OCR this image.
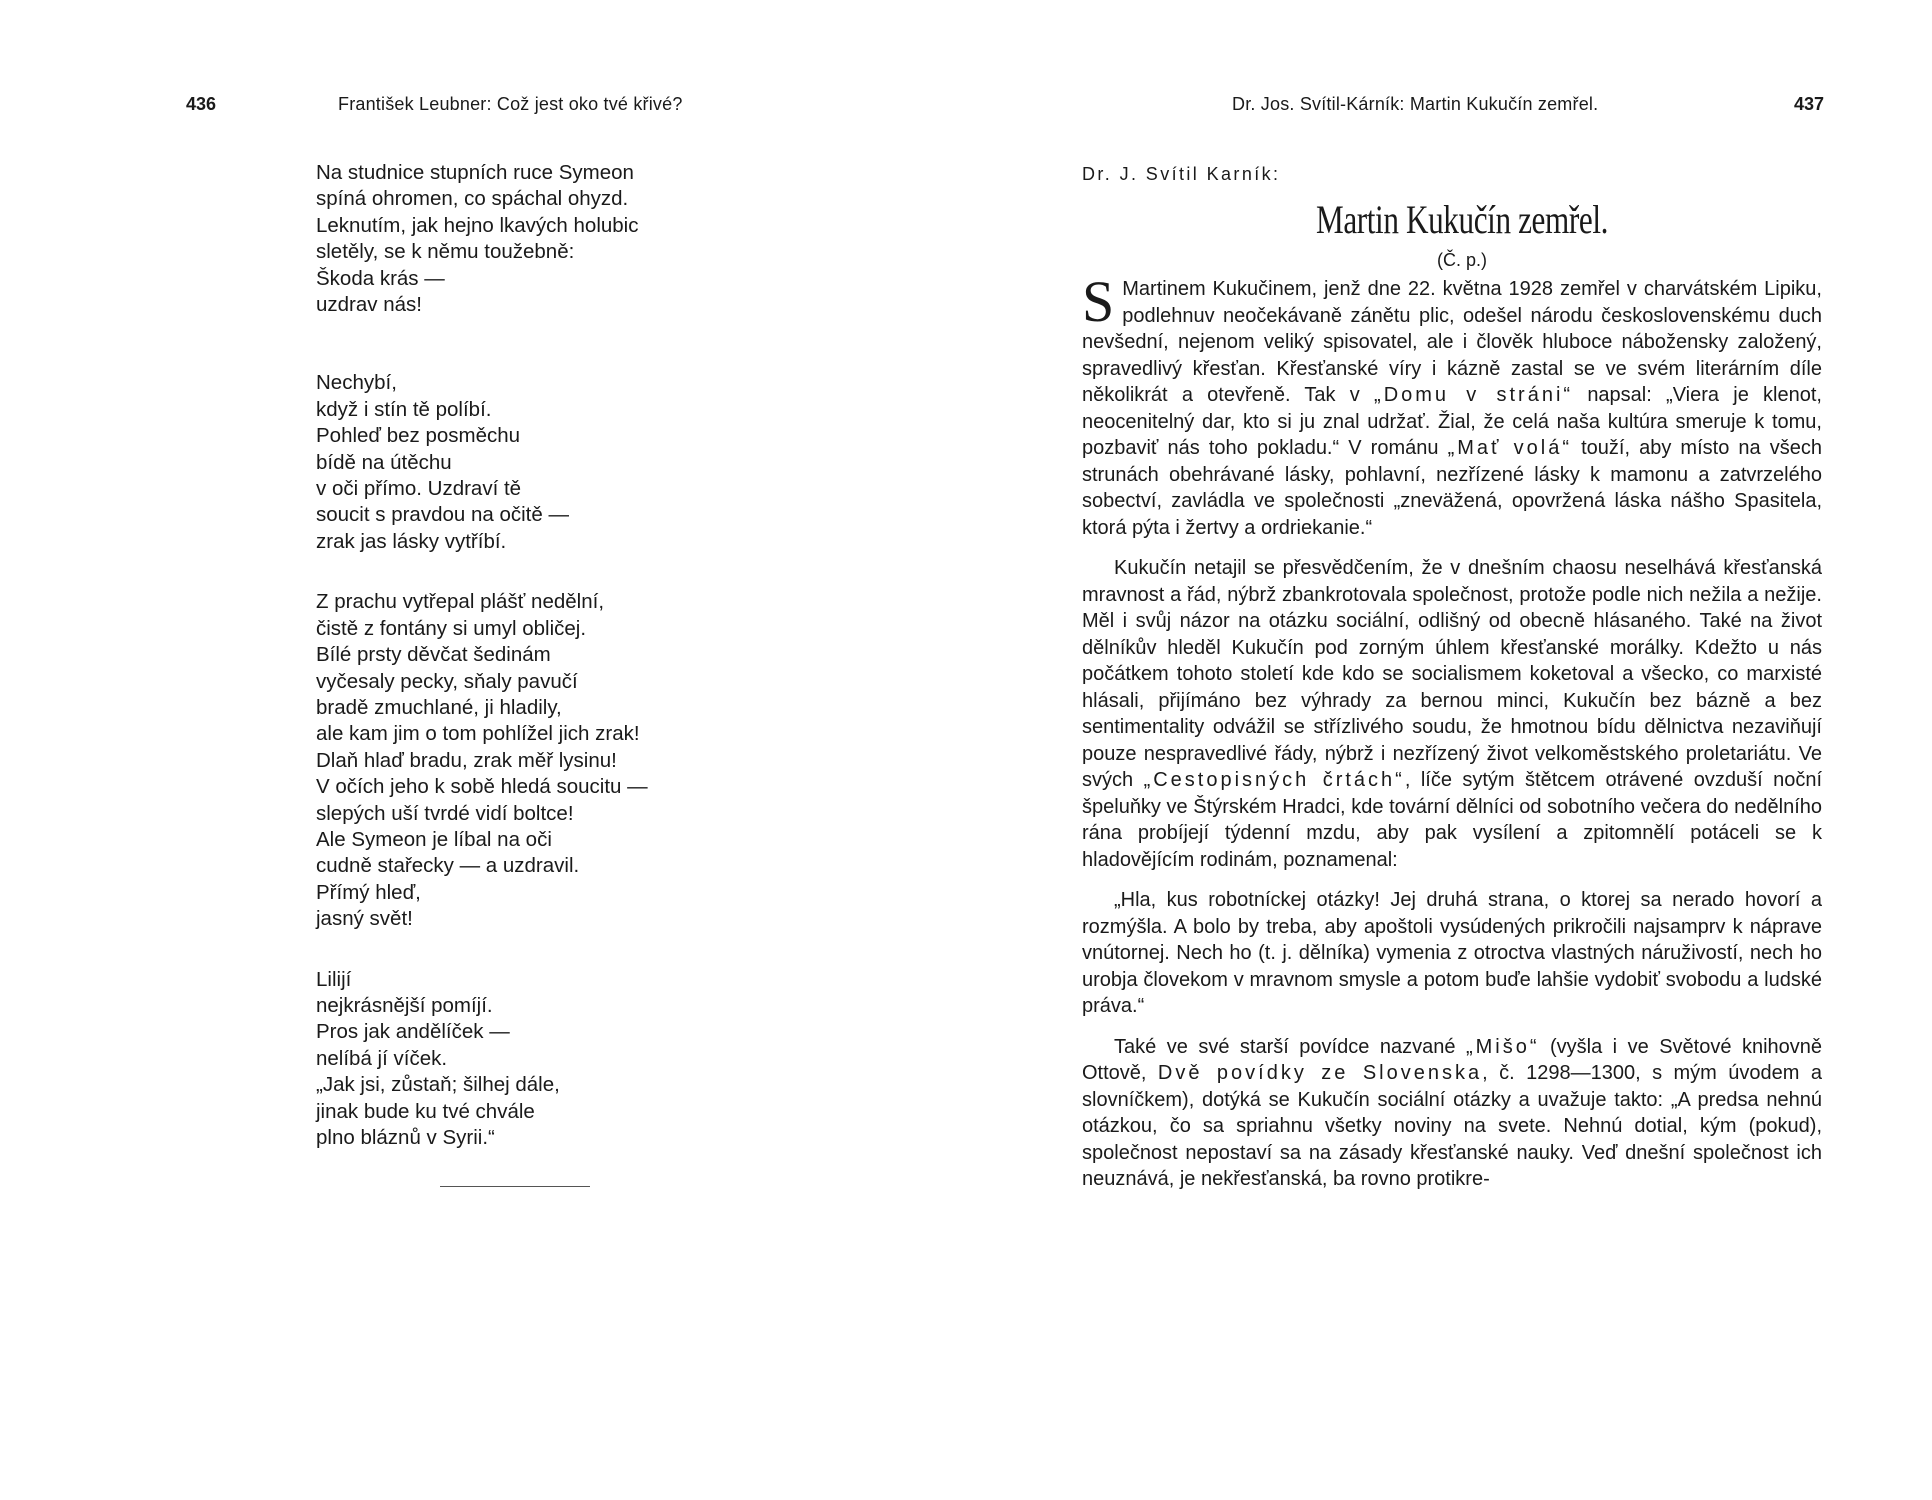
436	František Leubner: Což jest oko tvé křivé?
Na studnice stupních ruce Symeon
spíná ohromen, co spáchal ohyzd.
Leknutím, jak hejno lkavých holubic
sletěly, se k němu toužebně:
Škoda krás —
uzdrav nás!
Nechybí,
když i stín tě políbí.
Pohleď bez posměchu
bídě na útěchu
v oči přímo. Uzdraví tě
soucit s pravdou na očitě —
zrak jas lásky vytříbí.
Z prachu vytřepal plášť nedělní,
čistě z fontány si umyl obličej.
Bílé prsty děvčat šedinám
vyčesaly pecky, sňaly pavučí
bradě zmuchlané, ji hladily,
ale kam jim o tom pohlížel jich zrak!
Dlaň hlaď bradu, zrak měř lysinu!
V očích jeho k sobě hledá soucitu —
slepých uší tvrdé vidí boltce!
Ale Symeon je líbal na oči
cudně stařecky — a uzdravil.
Přímý hleď,
jasný svět!
Lilijí
nejkrásnější pomíjí.
Pros jak andělíček —
nelíbá jí víček.
„Jak jsi, zůstaň; šilhej dále,
jinak bude ku tvé chvále
plno bláznů v Syrii.“
Dr. Jos. Svítil-Kárník: Martin Kukučín zemřel.	437
Dr. J. Svítil Karník:
Martin Kukučín zemřel.
(Č. p.)

S Martinem Kukučinem, jenž dne 22. května 1928 zemřel v charvátském Lipiku, podlehnuv neočekávaně zánětu plic, odešel národu československému duch nevšední, nejenom veliký spisovatel, ale i člověk hluboce nábožensky založený, spravedlivý křesťan. Křesťanské víry i kázně zastal se ve svém literárním díle několikrát a otevřeně. Tak v „Domu v stráni“ napsal: „Viera je klenot, neocenitelný dar, kto si ju znal udržať. Žial, že celá naša kultúra smeruje k tomu, pozbaviť nás toho pokladu.“ V románu „Mať volá“ touží, aby místo na všech strunách obehrávané lásky, pohlavní, nezřízené lásky k mamonu a zatvrzelého sobectví, zavládla ve společnosti „zneväžená, opovržená láska nášho Spasitela, ktorá pýta i žertvy a ordriekanie.“

Kukučín netajil se přesvědčením, že v dnešním chaosu neselhává křesťanská mravnost a řád, nýbrž zbankrotovala společnost, protože podle nich nežila a nežije. Měl i svůj názor na otázku sociální, odlišný od obecně hlásaného. Také na život dělníkův hleděl Kukučín pod zorným úhlem křesťanské morálky. Kdežto u nás počátkem tohoto století kde kdo se socialismem koketoval a všecko, co marxisté hlásali, přijímáno bez výhrady za bernou minci, Kukučín bez bázně a bez sentimentality odvážil se střízlivého soudu, že hmotnou bídu dělnictva nezaviňují pouze nespravedlivé řády, nýbrž i nezřízený život velkoměstského proletariátu. Ve svých „Cestopisných črtách“, líče sytým štětcem otrávené ovzduší noční špeluňky ve Štýrském Hradci, kde tovární dělníci od sobotního večera do nedělního rána probíjejí týdenní mzdu, aby pak vysílení a zpitomnělí potáceli se k hladovějícím rodinám, poznamenal:

„Hla, kus robotníckej otázky! Jej druhá strana, o ktorej sa nerado hovorí a rozmýšla. A bolo by treba, aby apoštoli vysúdených prikročili najsamprv k náprave vnútornej. Nech ho (t. j. dělníka) vymenia z otroctva vlastných náruživostí, nech ho urobja človekom v mravnom smysle a potom buďe lahšie vydobiť svobodu a ludské práva.“

Také ve své starší povídce nazvané „Mišo“ (vyšla i ve Světové knihovně Ottově, Dvě povídky ze Slovenska, č. 1298—1300, s mým úvodem a slovníčkem), dotýká se Kukučín sociální otázky a uvažuje takto: „A predsa nehnú otázkou, čo sa spriahnu všetky noviny na svete. Nehnú dotial, kým (pokud), společnost nepostaví sa na zásady křesťanské nauky. Veď dnešní společnost ich neuznává, je nekřesťanská, ba rovno protikre-
